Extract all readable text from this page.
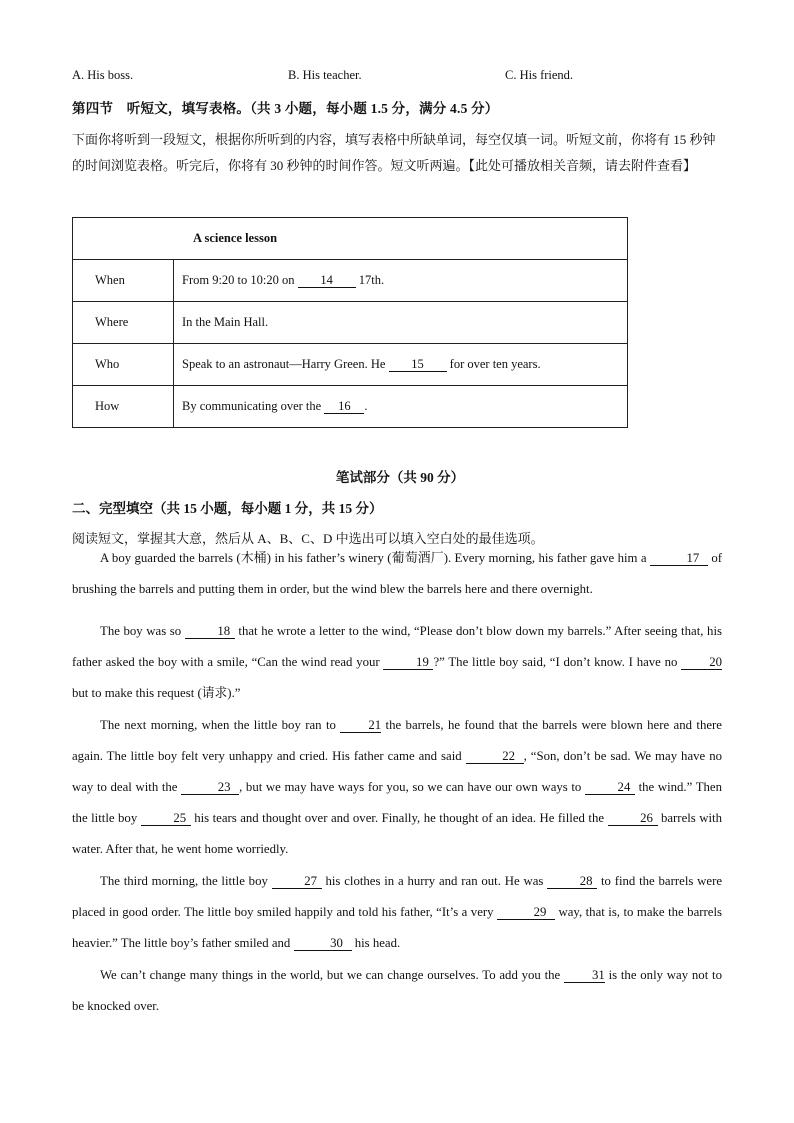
A. His boss.	B. His teacher.	C. His friend.
第四节　听短文，填写表格。（共 3 小题，每小题 1.5 分，满分 4.5 分）
下面你将听到一段短文，根据你所听到的内容，填写表格中所缺单词，每空仅填一词。听短文前，你将有 15 秒钟的时间浏览表格。听完后，你将有 30 秒钟的时间作答。短文听两遍。【此处可播放相关音频，请去附件查看】
A science lesson	
When	From 9:20 to 10:20 on 14 17th.
Where	In the Main Hall.
Who	Speak to an astronaut—Harry Green. He 15 for over ten years.
How	By communicating over the 16 .
笔试部分（共 90 分）
二、完型填空（共 15 小题，每小题 1 分，共 15 分）
阅读短文，掌握其大意，然后从 A、B、C、D 中选出可以填入空白处的最佳选项。

A boy guarded the barrels (木桶) in his father’s winery (葡萄酒厂). Every morning, his father gave him a	17 of brushing the barrels and putting them in order, but the wind blew the barrels here and there overnight.

The boy was so	18 that he wrote a letter to the wind, “Please don’t blow down my barrels.” After seeing that, his father asked the boy with a smile, “Can the wind read your	19 ?” The little boy said, “I don’t know. I have no 20 but to make this request (请求).”

The next morning, when the little boy ran to 21 the barrels, he found that the barrels were blown here and there again. The little boy felt very unhappy and cried. His father came and said	22 , “Son, don’t be sad. We may have no way to deal with the	23 , but we may have ways for you, so we can have our own ways to	24 the wind.” Then the little boy	25 his tears and thought over and over. Finally, he thought of an idea. He filled the	26 barrels with water. After that, he went home worriedly.

The third morning, the little boy	27 his clothes in a hurry and ran out. He was	28 to find the barrels were placed in good order. The little boy smiled happily and told his father, “It’s a very	29 way, that is, to make the barrels heavier.” The little boy’s father smiled and	30 his head.

We can’t change many things in the world, but we can change ourselves. To add you the 31 is the only way not to be knocked over.
